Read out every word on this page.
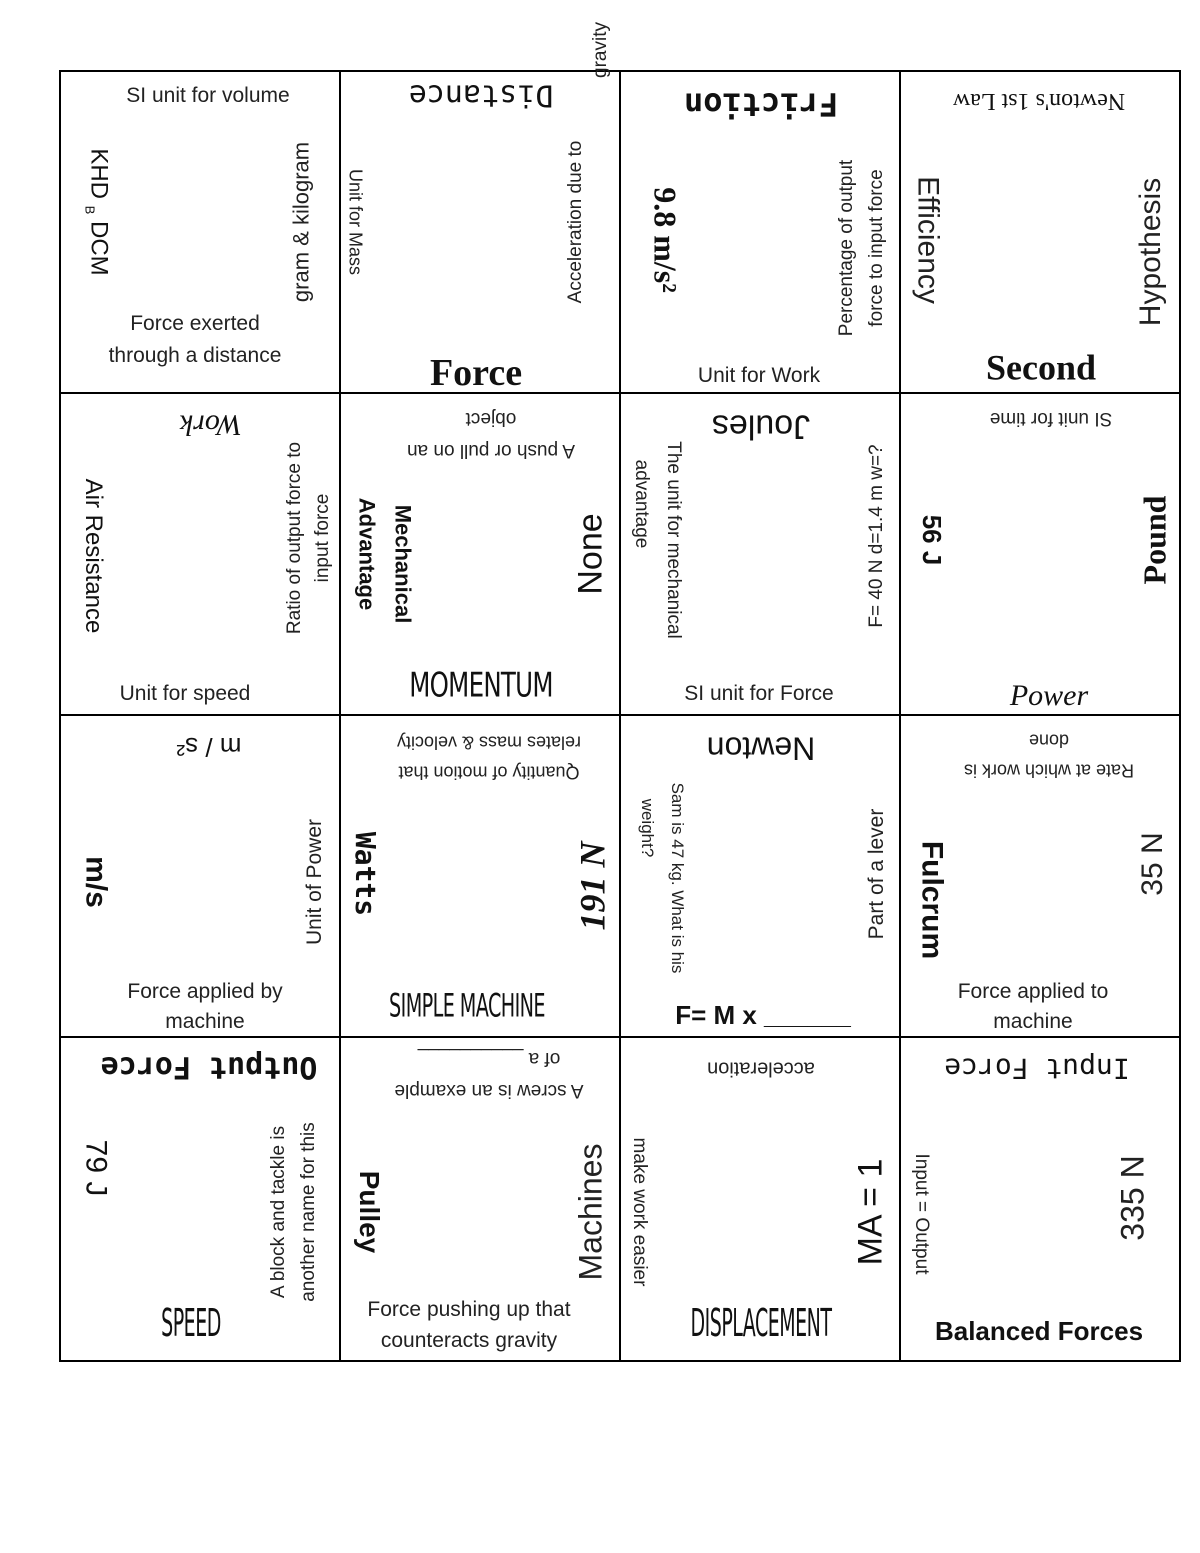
SI unit for volume
KHD $_B$ DCM	gram & kilogram
Force exerted
through a distance
Distance
Unit for Mass	Acceleration due to
gravity
Force
Friction
9.8 m/s²	Percentage of output force to input force
Unit for Work
Newton's 1st Law
Efficiency	Hypothesis
Second
Work
Air Resistance	Ratio of output force to input force
Unit for speed
object
A push or pull on an
Mechanical
Advantage	None
MOMENTUM
Joules
The unit for mechanical
advantage	F= 40 N d=1.4 m w=?
SI unit for Force
SI unit for time
56 J	Pound
Power
m / s²
m/s	Unit of Power
Force applied by
machine
relates mass & velocity
Quantity of motion that
Watts	191 N
SIMPLE MACHINE
Newton
Sam is 47 kg. What is his
weight?	Part of a lever
F= M x ______
done
Rate at which work is
Fulcrum	35 N
Force applied to
machine
Output Force
79 J	A block and tackle is another name for this
SPEED
of a __________
A screw is an example
Pulley	Machines
Force pushing up that
counteracts gravity
acceleration
make work easier	MA = 1
DISPLACEMENT
Input Force
Input = Output	335 N
Balanced Forces
